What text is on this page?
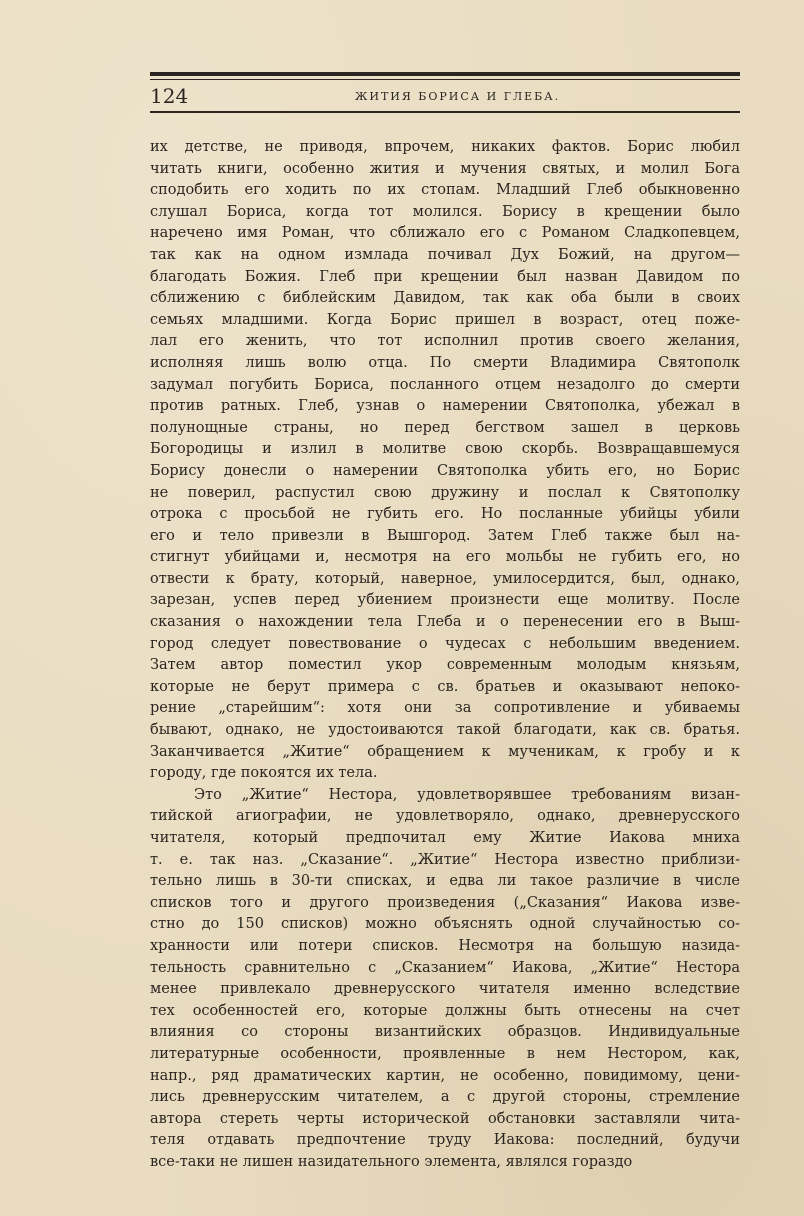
124	ЖИТИЯ БОРИСА И ГЛЕБА.
их детстве, не приводя, впрочем, никаких фактов. Борис любил
читать книги, особенно жития и мучения святых, и молил Бога
сподобить его ходить по их стопам. Младший Глеб обыкновенно
слушал Бориса, когда тот молился. Борису в крещении было
наречено имя Роман, что сближало его с Романом Сладкопевцем,
так как на одном измлада почивал Дух Божий, на другом—
благодать Божия. Глеб при крещении был назван Давидом по
сближению с библейским Давидом, так как оба были в своих
семьях младшими. Когда Борис пришел в возраст, отец поже-
лал его женить, что тот исполнил против своего желания,
исполняя лишь волю отца. По смерти Владимира Святополк
задумал погубить Бориса, посланного отцем незадолго до смерти
против ратных. Глеб, узнав о намерении Святополка, убежал в
полунощные страны, но перед бегством зашел в церковь
Богородицы и излил в молитве свою скорбь. Возвращавшемуся
Борису донесли о намерении Святополка убить его, но Борис
не поверил, распустил свою дружину и послал к Святополку
отрока с просьбой не губить его. Но посланные убийцы убили
его и тело привезли в Вышгород. Затем Глеб также был на-
стигнут убийцами и, несмотря на его мольбы не губить его, но
отвести к брату, который, наверное, умилосердится, был, однако,
зарезан, успев перед убиением произнести еще молитву. После
сказания о нахождении тела Глеба и о перенесении его в Выш-
город следует повествование о чудесах с небольшим введением.
Затем автор поместил укор современным молодым князьям,
которые не берут примера с св. братьев и оказывают непоко-
рение „старейшим“: хотя они за сопротивление и убиваемы
бывают, однако, не удостоиваются такой благодати, как св. братья.
Заканчивается „Житие“ обращением к мученикам, к гробу и к
городу, где покоятся их тела.
Это „Житие“ Нестора, удовлетворявшее требованиям визан-
тийской агиографии, не удовлетворяло, однако, древнерусского
читателя, который предпочитал ему Житие Иакова мниха
т. е. так наз. „Сказание“. „Житие“ Нестора известно приблизи-
тельно лишь в 30-ти списках, и едва ли такое различие в числе
списков того и другого произведения („Сказания“ Иакова изве-
стно до 150 списков) можно объяснять одной случайностью со-
хранности или потери списков. Несмотря на большую назида-
тельность сравнительно с „Сказанием“ Иакова, „Житие“ Нестора
менее привлекало древнерусского читателя именно вследствие
тех особенностей его, которые должны быть отнесены на счет
влияния со стороны византийских образцов. Индивидуальные
литературные особенности, проявленные в нем Нестором, как,
напр., ряд драматических картин, не особенно, повидимому, цени-
лись древнерусским читателем, а с другой стороны, стремление
автора стереть черты исторической обстановки заставляли чита-
теля отдавать предпочтение труду Иакова: последний, будучи
все-таки не лишен назидательного элемента, являлся гораздо
